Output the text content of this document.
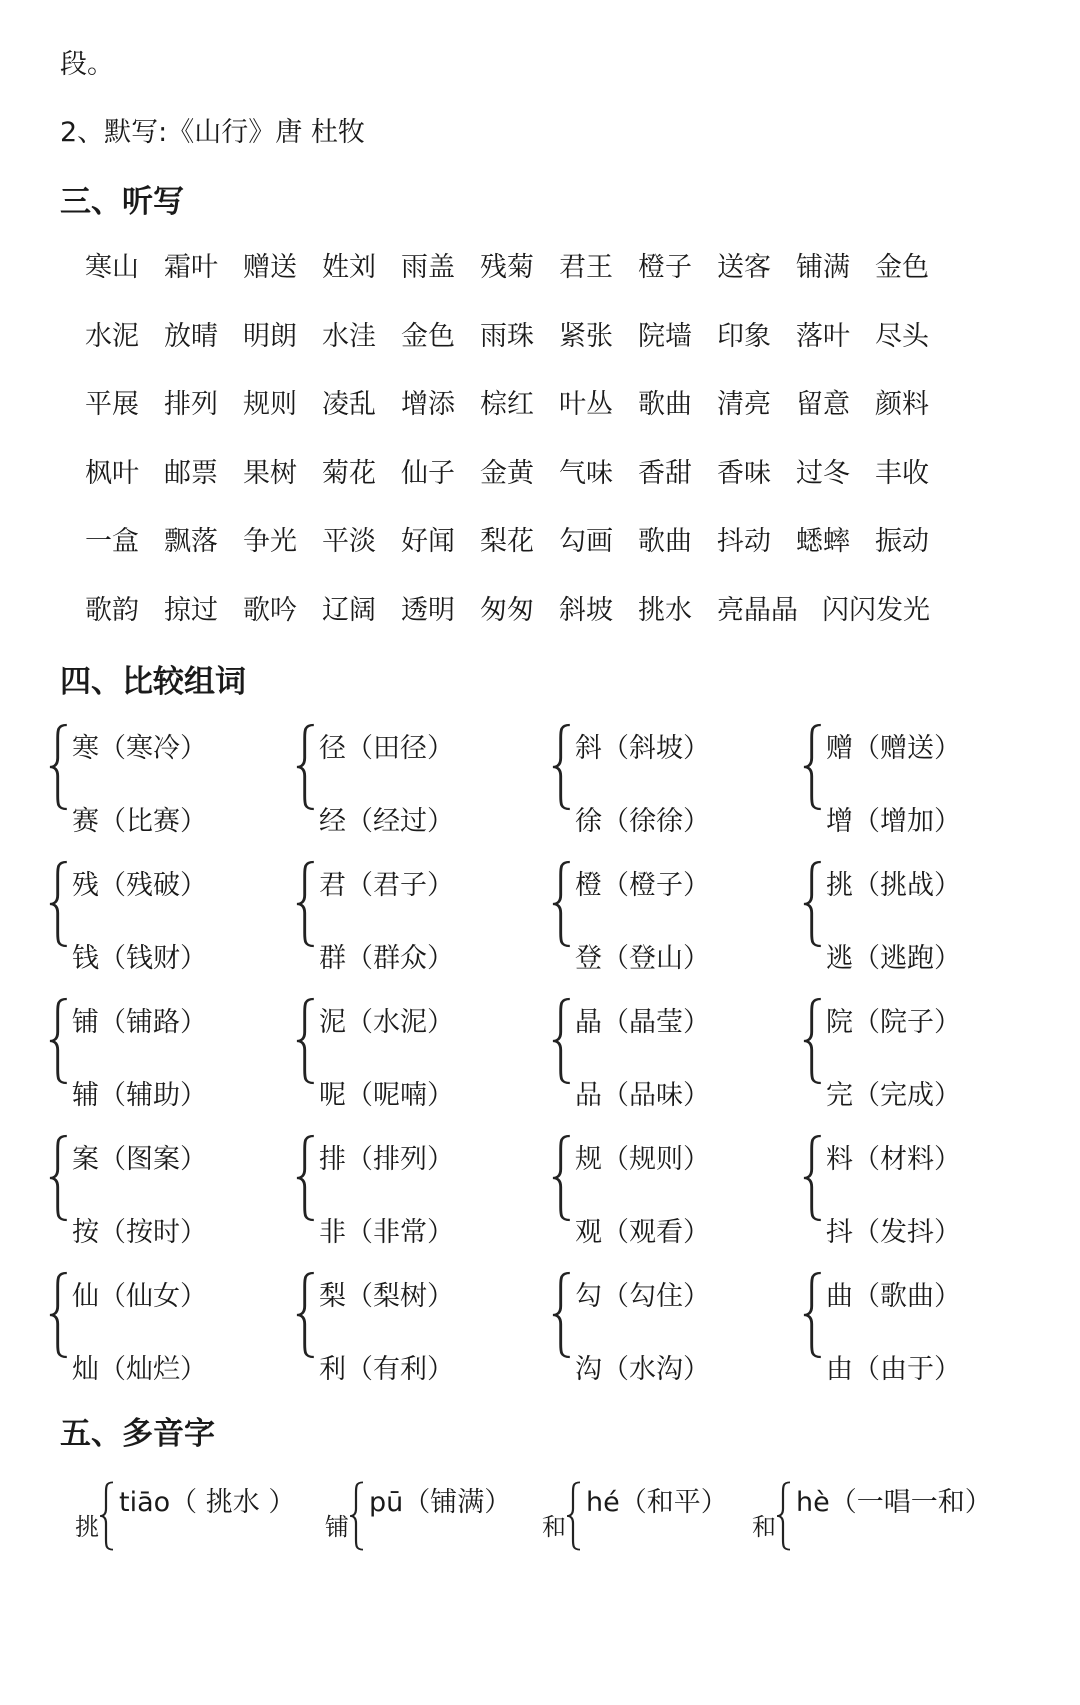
段。
2、默写:《山行》唐 杜牧
三、听写
寒山 霜叶 赠送 姓刘 雨盖 残菊 君王 橙子 送客 铺满 金色
水泥 放晴 明朗 水洼 金色 雨珠 紧张 院墙 印象 落叶 尽头
平展 排列 规则 凌乱 增添 棕红 叶丛 歌曲 清亮 留意 颜料
枫叶 邮票 果树 菊花 仙子 金黄 气味 香甜 香味 过冬 丰收
一盒 飘落 争光 平淡 好闻 梨花 勾画 歌曲 抖动 蟋蟀 振动
歌韵 掠过 歌吟 辽阔 透明 匆匆 斜坡 挑水 亮晶晶 闪闪发光
四、比较组词
寒（寒冷）
赛（比赛）
径（田径）
经（经过）
斜（斜坡）
徐（徐徐）
赠（赠送）
增（增加）
残（残破）
钱（钱财）
君（君子）
群（群众）
橙（橙子）
登（登山）
挑（挑战）
逃（逃跑）
铺（铺路）
辅（辅助）
泥（水泥）
呢（呢喃）
晶（晶莹）
品（品味）
院（院子）
完（完成）
案（图案）
按（按时）
排（排列）
非（非常）
规（规则）
观（观看）
料（材料）
抖（发抖）
仙（仙女）
灿（灿烂）
梨（梨树）
利（有利）
勾（勾住）
沟（水沟）
曲（歌曲）
由（由于）
五、多音字
挑
tiāo（ 挑水 ）
铺
pū（铺满）
和
hé（和平）
和
hè（一唱一和）
